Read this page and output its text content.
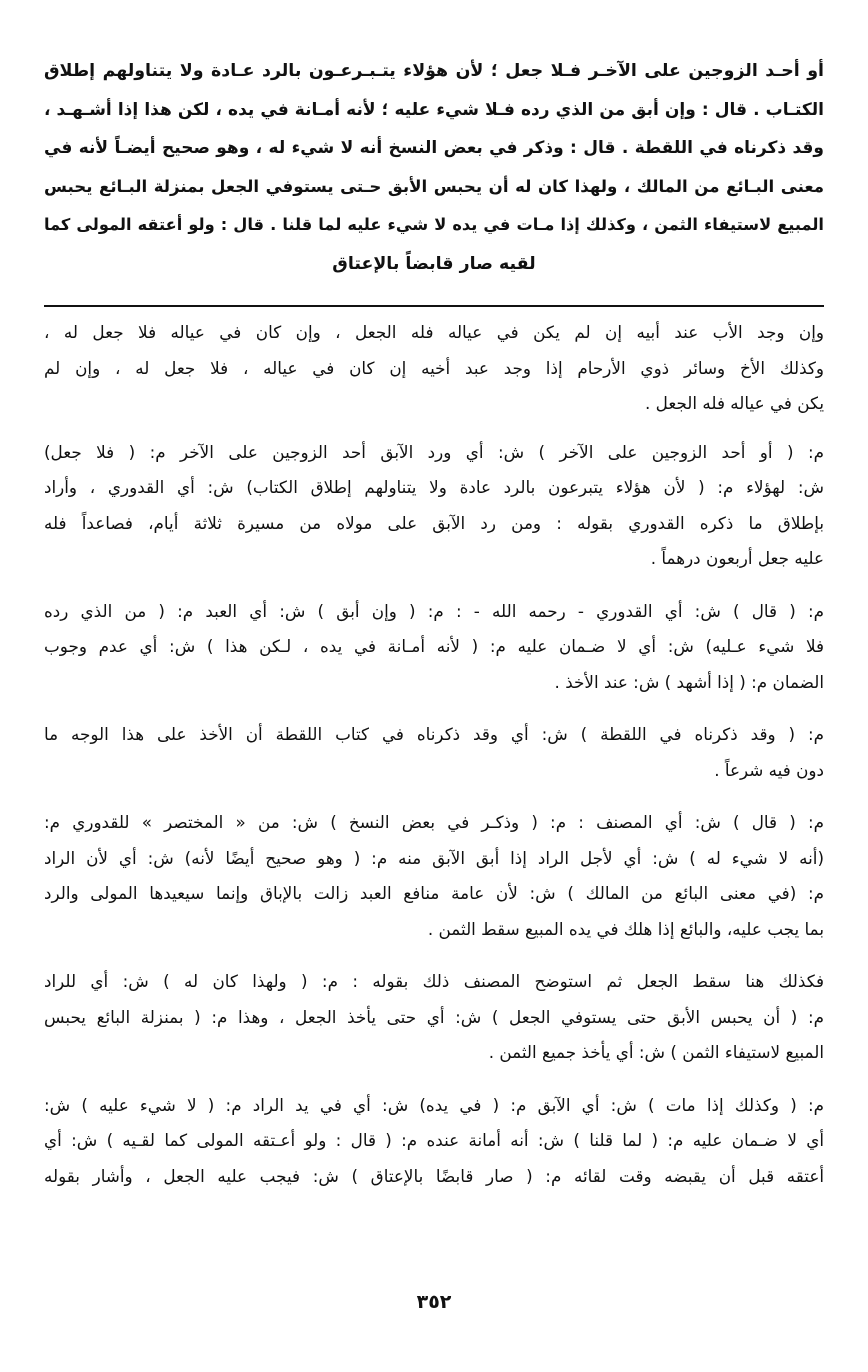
أو أحـد الزوجين على الآخـر فـلا جعل ؛ لأن هؤلاء يتـبـرعـون بالرد عـادة ولا يتناولهم إطلاق
الكتـاب . قال : وإن أبق من الذي رده فـلا شيء عليه ؛ لأنه أمـانة في يده ، لكن هذا إذا أشـهـد ،
وقد ذكرناه في اللقطة . قال : وذكر في بعض النسخ أنه لا شيء له ، وهو صحيح أيضـاً لأنه في
معنى البـائع من المالك ، ولهذا كان له أن يحبس الأبق حـتى يستوفي الجعل بمنزلة البـائع يحبس
المبيع لاستيفاء الثمن ، وكذلك إذا مـات في يده لا شيء عليه لما قلنا . قال : ولو أعتقه المولى كما
لقيه صار قابضاً بالإعتاق
وإن وجد الأب عند أبيه إن لم يكن في عياله فله الجعل ، وإن كان في عياله فلا جعل له ،
وكذلك الأخ وسائر ذوي الأرحام إذا وجد عبد أخيه إن كان في عياله ، فلا جعل له ، وإن لم
يكن في عياله فله الجعل .
م: ( أو أحد الزوجين على الآخر ) ش: أي ورد الآبق أحد الزوجين على الآخر م: ( فلا جعل)
ش: لهؤلاء م: ( لأن هؤلاء يتبرعون بالرد عادة ولا يتناولهم إطلاق الكتاب) ش: أي القدوري ، وأراد
بإطلاق ما ذكره القدوري بقوله : ومن رد الآبق على مولاه من مسيرة ثلاثة أيام، فصاعداً فله
عليه جعل أربعون درهماً .
م: ( قال ) ش: أي القدوري - رحمه الله - : م: ( وإن أبق ) ش: أي العبد م: ( من الذي رده
فلا شيء عـليه) ش: أي لا ضـمان عليه م: ( لأنه أمـانة في يده ، لـكن هذا ) ش: أي عدم وجوب
الضمان م: ( إذا أشهد ) ش: عند الأخذ .
م: ( وقد ذكرناه في اللقطة ) ش: أي وقد ذكرناه في كتاب اللقطة أن الأخذ على هذا الوجه ما
دون فيه شرعاً .
م: ( قال ) ش: أي المصنف : م: ( وذكـر في بعض النسخ ) ش: من « المختصر » للقدوري م:
(أنه لا شيء له ) ش: أي لأجل الراد إذا أبق الآبق منه م: ( وهو صحيح أيضًا لأنه) ش: أي لأن الراد
م: (في معنى البائع من المالك ) ش: لأن عامة منافع العبد زالت بالإباق وإنما سيعيدها المولى والرد
بما يجب عليه، والبائع إذا هلك في يده المبيع سقط الثمن .
فكذلك هنا سقط الجعل ثم استوضح المصنف ذلك بقوله : م: ( ولهذا كان له ) ش: أي للراد
م: ( أن يحبس الأبق حتى يستوفي الجعل ) ش: أي حتى يأخذ الجعل ، وهذا م: ( بمنزلة البائع يحبس
المبيع لاستيفاء الثمن ) ش: أي يأخذ جميع الثمن .
م: ( وكذلك إذا مات ) ش: أي الآبق م: ( في يده) ش: أي في يد الراد م: ( لا شيء عليه ) ش:
أي لا ضـمان عليه م: ( لما قلنا ) ش: أنه أمانة عنده م: ( قال : ولو أعـتقه المولى كما لقـيه ) ش: أي
أعتقه قبل أن يقبضه وقت لقائه م: ( صار قابضًا بالإعتاق ) ش: فيجب عليه الجعل ، وأشار بقوله
٣٥٢
